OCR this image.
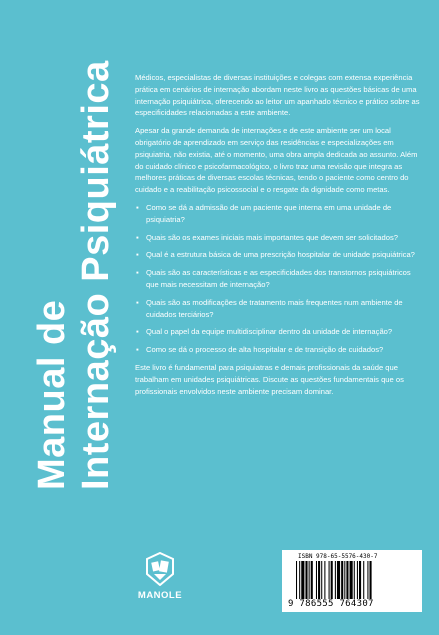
Manual de Internação Psiquiátrica Médicos, especialistas de diversas instituições e colegas com extensa experiência prática em cenários de internação abordam neste livro as questões básicas de uma internação psiquiátrica, oferecendo ao leitor um apanhado técnico e prático sobre as especificidades relacionadas a este ambiente.

Apesar da grande demanda de internações e de este ambiente ser um local obrigatório de aprendizado em serviço das residências e especializações em psiquiatria, não existia, até o momento, uma obra ampla dedicada ao assunto. Além do cuidado clínico e psicofarmacológico, o livro traz uma revisão que integra as melhores práticas de diversas escolas técnicas, tendo o paciente como centro do cuidado e a reabilitação psicossocial e o resgate da dignidade como metas.

▪ Como se dá a admissão de um paciente que interna em uma unidade de psiquiatria?
▪ Quais são os exames iniciais mais importantes que devem ser solicitados?
▪ Qual é a estrutura básica de uma prescrição hospitalar de unidade psiquiátrica?
▪ Quais são as características e as especificidades dos transtornos psiquiátricos que mais necessitam de internação?
▪ Quais são as modificações de tratamento mais frequentes num ambiente de cuidados terciários?
▪ Qual o papel da equipe multidisciplinar dentro da unidade de internação?
▪ Como se dá o processo de alta hospitalar e de transição de cuidados?

Este livro é fundamental para psiquiatras e demais profissionais da saúde que trabalham em unidades psiquiátricas. Discute as questões fundamentais que os profissionais envolvidos neste ambiente precisam dominar.

MANOLE
ISBN 978-65-5576-430-7
9 786555 764307
